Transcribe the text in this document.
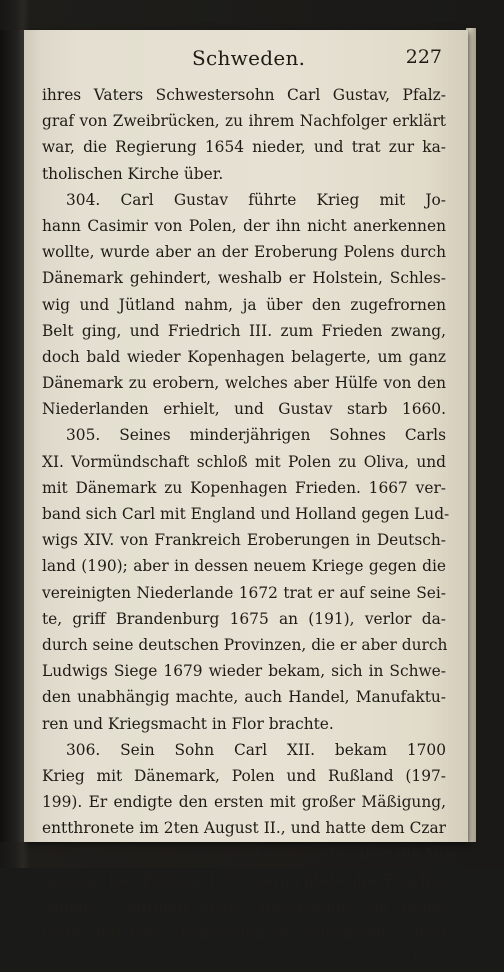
Schweden.	227
ihres Vaters Schwestersohn Carl Gustav, Pfalz-
graf von Zweibrücken, zu ihrem Nachfolger erklärt
war, die Regierung 1654 nieder, und trat zur ka-
tholischen Kirche über.
304. Carl Gustav führte Krieg mit Jo-
hann Casimir von Polen, der ihn nicht anerkennen
wollte, wurde aber an der Eroberung Polens durch
Dänemark gehindert, weshalb er Holstein, Schles-
wig und Jütland nahm, ja über den zugefrornen
Belt ging, und Friedrich III. zum Frieden zwang,
doch bald wieder Kopenhagen belagerte, um ganz
Dänemark zu erobern, welches aber Hülfe von den
Niederlanden erhielt, und Gustav starb 1660.
305. Seines minderjährigen Sohnes Carls
XI. Vormündschaft schloß mit Polen zu Oliva, und
mit Dänemark zu Kopenhagen Frieden. 1667 ver-
band sich Carl mit England und Holland gegen Lud-
wigs XIV. von Frankreich Eroberungen in Deutsch-
land (190); aber in dessen neuem Kriege gegen die
vereinigten Niederlande 1672 trat er auf seine Sei-
te, griff Brandenburg 1675 an (191), verlor da-
durch seine deutschen Provinzen, die er aber durch
Ludwigs Siege 1679 wieder bekam, sich in Schwe-
den unabhängig machte, auch Handel, Manufaktu-
ren und Kriegsmacht in Flor brachte.
306. Sein Sohn Carl XII. bekam 1700
Krieg mit Dänemark, Polen und Rußland (197-
199). Er endigte den ersten mit großer Mäßigung,
entthronete im 2ten August II., und hatte dem Czar
Peter ein gleiches Schicksal zugedacht; aber die Nie-
derlage bei Pultava 1709 vernichtete die Früchte
seiner 9 jährigen Siege. Die Könige von Däne-
mark und Polen bekriegten ihn von neuem, dazu
kam
